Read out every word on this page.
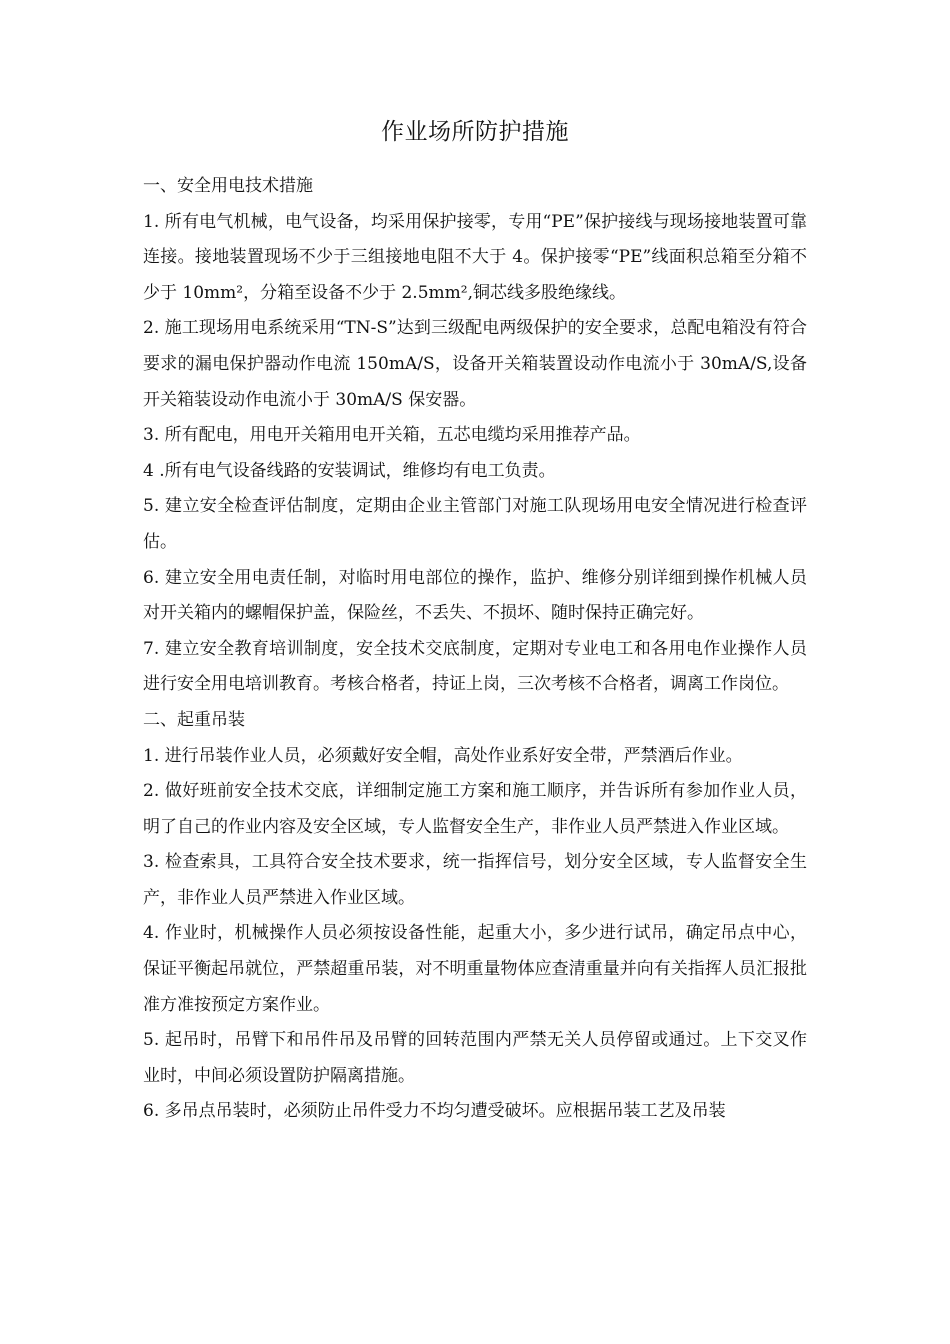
作业场所防护措施

一、安全用电技术措施

1. 所有电气机械，电气设备，均采用保护接零，专用“PE”保护接线与现场接地装置可靠连接。接地装置现场不少于三组接地电阻不大于 4。保护接零“PE”线面积总箱至分箱不少于 10mm²，分箱至设备不少于 2.5mm²,铜芯线多股绝缘线。

2. 施工现场用电系统采用“TN-S”达到三级配电两级保护的安全要求，总配电箱没有符合要求的漏电保护器动作电流 150mA/S，设备开关箱装置设动作电流小于 30mA/S,设备开关箱装设动作电流小于 30mA/S 保安器。

3. 所有配电，用电开关箱用电开关箱，五芯电缆均采用推荐产品。

4 .所有电气设备线路的安装调试，维修均有电工负责。

5. 建立安全检查评估制度，定期由企业主管部门对施工队现场用电安全情况进行检查评估。

6. 建立安全用电责任制，对临时用电部位的操作，监护、维修分别详细到操作机械人员对开关箱内的螺帽保护盖，保险丝，不丢失、不损坏、随时保持正确完好。

7. 建立安全教育培训制度，安全技术交底制度，定期对专业电工和各用电作业操作人员进行安全用电培训教育。考核合格者，持证上岗，三次考核不合格者，调离工作岗位。

二、起重吊装

1. 进行吊装作业人员，必须戴好安全帽，高处作业系好安全带，严禁酒后作业。

2. 做好班前安全技术交底，详细制定施工方案和施工顺序，并告诉所有参加作业人员，明了自己的作业内容及安全区域，专人监督安全生产，非作业人员严禁进入作业区域。

3. 检查索具，工具符合安全技术要求，统一指挥信号，划分安全区域，专人监督安全生产，非作业人员严禁进入作业区域。

4. 作业时，机械操作人员必须按设备性能，起重大小，多少进行试吊，确定吊点中心，保证平衡起吊就位，严禁超重吊装，对不明重量物体应查清重量并向有关指挥人员汇报批准方准按预定方案作业。

5. 起吊时，吊臂下和吊件吊及吊臂的回转范围内严禁无关人员停留或通过。上下交叉作业时，中间必须设置防护隔离措施。

6. 多吊点吊装时，必须防止吊件受力不均匀遭受破坏。应根据吊装工艺及吊装
